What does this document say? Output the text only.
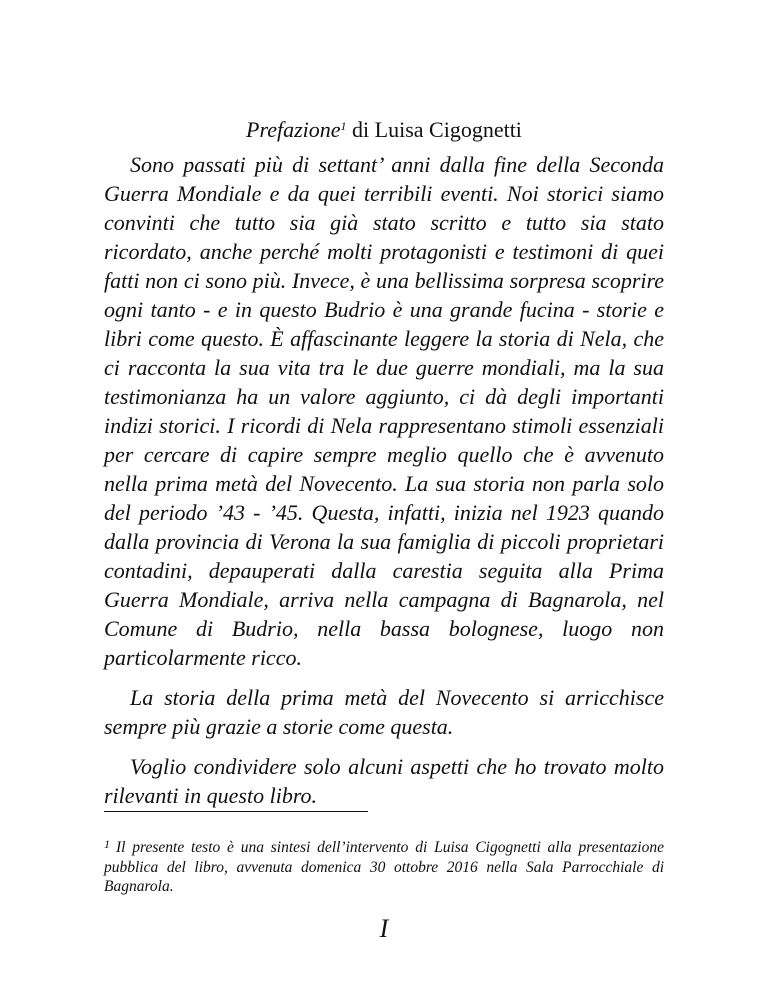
Prefazione$^1$ di Luisa Cigognetti

Sono passati più di settant’ anni dalla fine della Seconda Guerra Mondiale e da quei terribili eventi. Noi storici siamo convinti che tutto sia già stato scritto e tutto sia stato ricordato, anche perché molti protagonisti e testimoni di quei fatti non ci sono più. Invece, è una bellissima sorpresa scoprire ogni tanto - e in questo Budrio è una grande fucina - storie e libri come questo. È affascinante leggere la storia di Nela, che ci racconta la sua vita tra le due guerre mondiali, ma la sua testimonianza ha un valore aggiunto, ci dà degli importanti indizi storici. I ricordi di Nela rappresentano stimoli essenziali per cercare di capire sempre meglio quello che è avvenuto nella prima metà del Novecento. La sua storia non parla solo del periodo ’43 - ’45. Questa, infatti, inizia nel 1923 quando dalla provincia di Verona la sua famiglia di piccoli proprietari contadini, depauperati dalla carestia seguita alla Prima Guerra Mondiale, arriva nella campagna di Bagnarola, nel Comune di Budrio, nella bassa bolognese, luogo non particolarmente ricco.

La storia della prima metà del Novecento si arricchisce sempre più grazie a storie come questa.

Voglio condividere solo alcuni aspetti che ho trovato molto rilevanti in questo libro.

$^1$ Il presente testo è una sintesi dell’intervento di Luisa Cigognetti alla presentazione pubblica del libro, avvenuta domenica 30 ottobre 2016 nella Sala Parrocchiale di Bagnarola.
I
